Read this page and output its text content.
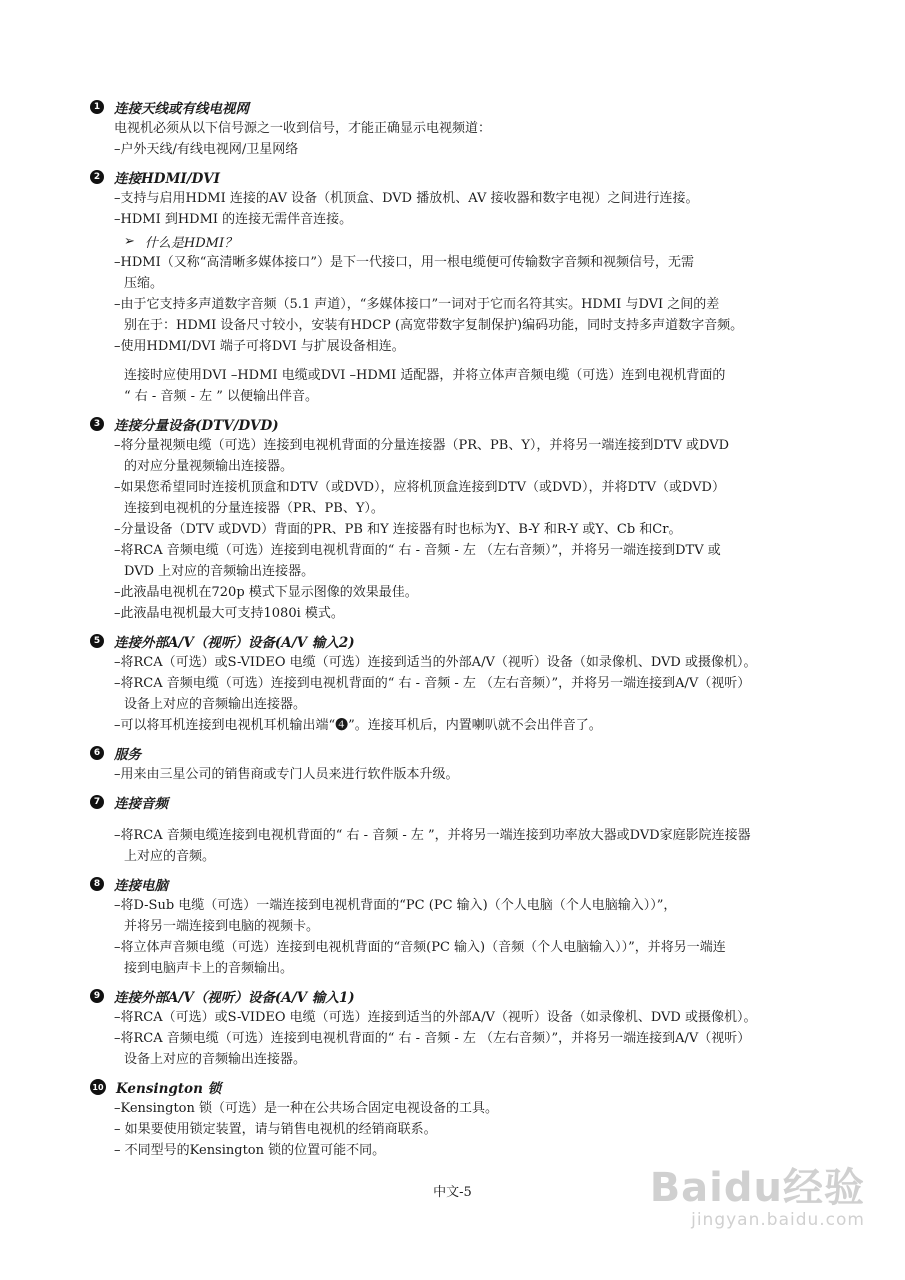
1 连接天线或有线电视网
电视机必须从以下信号源之一收到信号，才能正确显示电视频道：
–户外天线/有线电视网/卫星网络
2 连接HDMI/DVI
–支持与启用HDMI 连接的AV 设备（机顶盒、DVD 播放机、AV 接收器和数字电视）之间进行连接。
–HDMI 到HDMI 的连接无需伴音连接。
➢ 什么是HDMI？
–HDMI（又称“高清晰多媒体接口”）是下一代接口，用一根电缆便可传输数字音频和视频信号，无需
压缩。
–由于它支持多声道数字音频（5.1 声道），“多媒体接口”一词对于它而名符其实。HDMI 与DVI 之间的差
别在于：HDMI 设备尺寸较小，安装有HDCP (高宽带数字复制保护)编码功能，同时支持多声道数字音频。
–使用HDMI/DVI 端子可将DVI 与扩展设备相连。
连接时应使用DVI –HDMI 电缆或DVI –HDMI 适配器，并将立体声音频电缆（可选）连到电视机背面的
“ 右 - 音频 - 左 ” 以便输出伴音。
3 连接分量设备(DTV/DVD)
–将分量视频电缆（可选）连接到电视机背面的分量连接器（PR、PB、Y），并将另一端连接到DTV 或DVD
的对应分量视频输出连接器。
–如果您希望同时连接机顶盒和DTV（或DVD），应将机顶盒连接到DTV（或DVD），并将DTV（或DVD）
连接到电视机的分量连接器（PR、PB、Y）。
–分量设备（DTV 或DVD）背面的PR、PB 和Y 连接器有时也标为Y、B-Y 和R-Y 或Y、Cb 和Cr。
–将RCA 音频电缆（可选）连接到电视机背面的“ 右 - 音频 - 左 （左右音频）”，并将另一端连接到DTV 或
DVD 上对应的音频输出连接器。
–此液晶电视机在720p 模式下显示图像的效果最佳。
–此液晶电视机最大可支持1080i 模式。
5 连接外部A/V（视听）设备(A/V 输入2)
–将RCA（可选）或S-VIDEO 电缆（可选）连接到适当的外部A/V（视听）设备（如录像机、DVD 或摄像机）。
–将RCA 音频电缆（可选）连接到电视机背面的“ 右 - 音频 - 左 （左右音频）”，并将另一端连接到A/V（视听）
设备上对应的音频输出连接器。
–可以将耳机连接到电视机耳机输出端“❹”。连接耳机后，内置喇叭就不会出伴音了。
6 服务
–用来由三星公司的销售商或专门人员来进行软件版本升级。
7 连接音频
–将RCA 音频电缆连接到电视机背面的“ 右 - 音频 - 左 ”，并将另一端连接到功率放大器或DVD家庭影院连接器
上对应的音频。
8 连接电脑
–将D-Sub 电缆（可选）一端连接到电视机背面的“PC (PC 输入)（个人电脑（个人电脑输入））”，
并将另一端连接到电脑的视频卡。
–将立体声音频电缆（可选）连接到电视机背面的“音频(PC 输入)（音频（个人电脑输入））”，并将另一端连
接到电脑声卡上的音频输出。
9 连接外部A/V（视听）设备(A/V 输入1)
–将RCA（可选）或S-VIDEO 电缆（可选）连接到适当的外部A/V（视听）设备（如录像机、DVD 或摄像机）。
–将RCA 音频电缆（可选）连接到电视机背面的“ 右 - 音频 - 左 （左右音频）”，并将另一端连接到A/V（视听）
设备上对应的音频输出连接器。
10 Kensington 锁
–Kensington 锁（可选）是一种在公共场合固定电视设备的工具。
– 如果要使用锁定装置，请与销售电视机的经销商联系。
– 不同型号的Kensington 锁的位置可能不同。
中文-5	Baidu经验
jingyan.baidu.com
